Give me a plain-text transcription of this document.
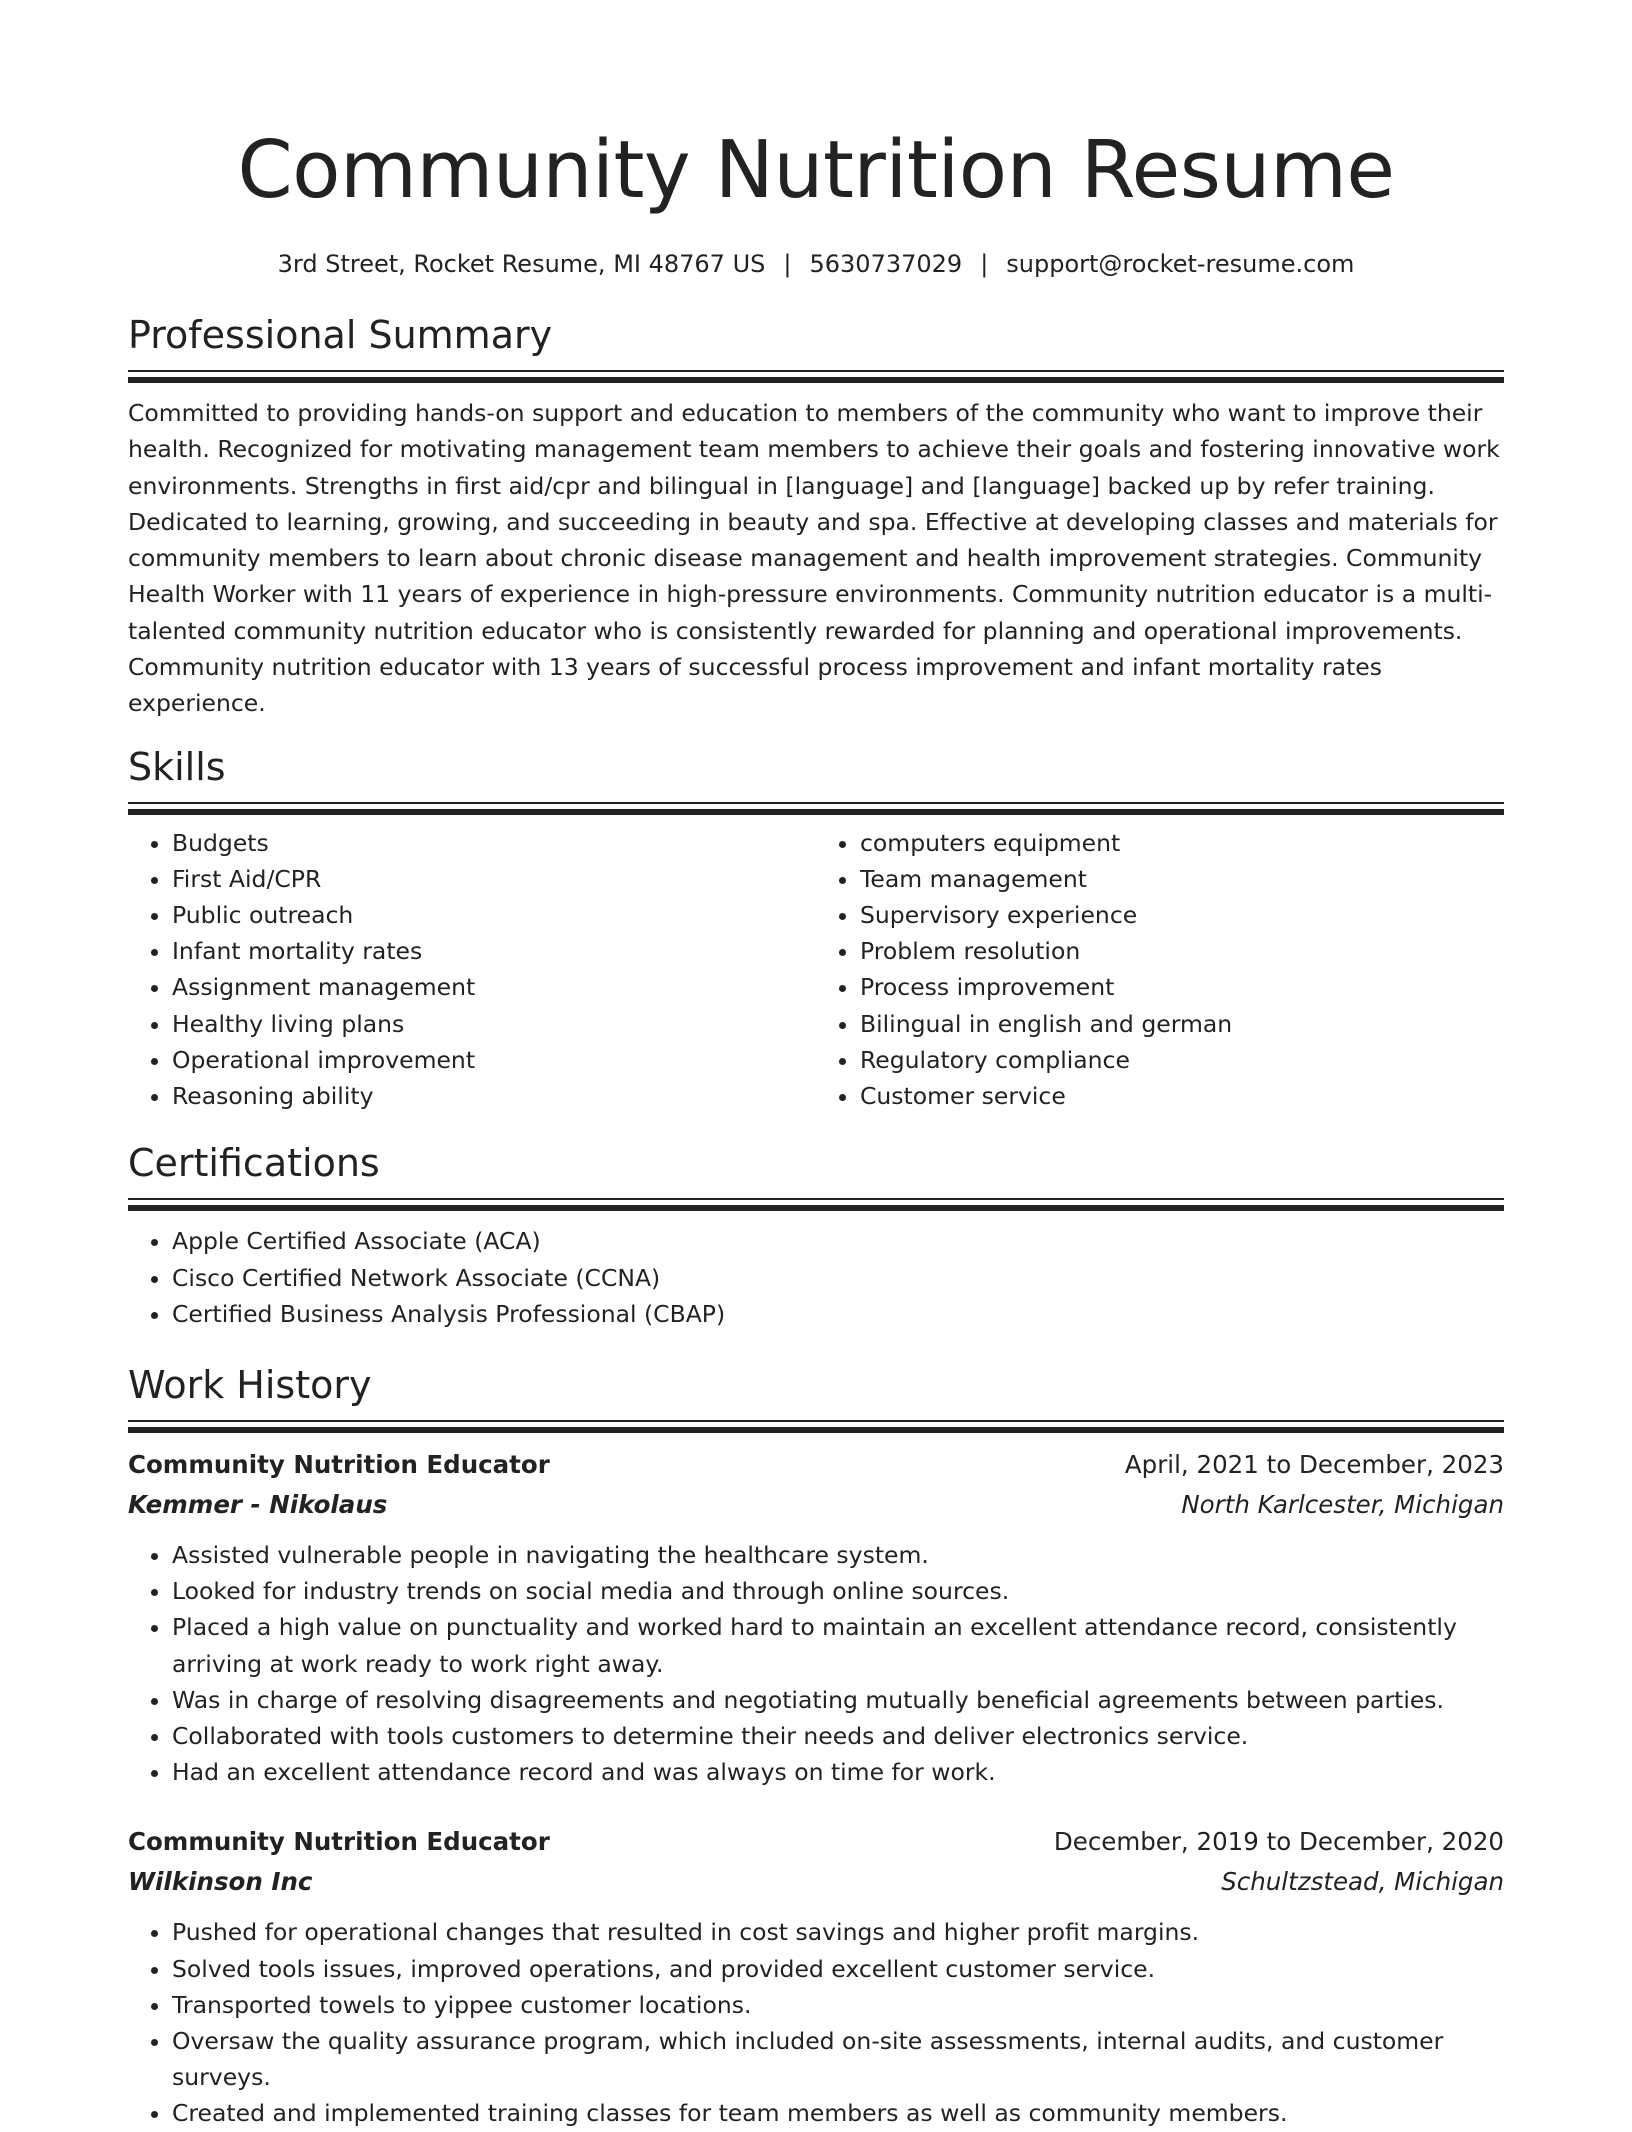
Community Nutrition Resume
3rd Street, Rocket Resume, MI 48767 US | 5630737029 | support@rocket-resume.com
Professional Summary

Committed to providing hands-on support and education to members of the community who want to improve their health. Recognized for motivating management team members to achieve their goals and fostering innovative work environments. Strengths in first aid/cpr and bilingual in [language] and [language] backed up by refer training. Dedicated to learning, growing, and succeeding in beauty and spa. Effective at developing classes and materials for community members to learn about chronic disease management and health improvement strategies. Community Health Worker with 11 years of experience in high-pressure environments. Community nutrition educator is a multi-talented community nutrition educator who is consistently rewarded for planning and operational improvements. Community nutrition educator with 13 years of successful process improvement and infant mortality rates experience.

Skills
• Budgets
• First Aid/CPR
• Public outreach
• Infant mortality rates
• Assignment management
• Healthy living plans
• Operational improvement
• Reasoning ability
• computers equipment
• Team management
• Supervisory experience
• Problem resolution
• Process improvement
• Bilingual in english and german
• Regulatory compliance
• Customer service
Certifications
• Apple Certified Associate (ACA)
• Cisco Certified Network Associate (CCNA)
• Certified Business Analysis Professional (CBAP)
Work History
Community Nutrition Educator	April, 2021 to December, 2023
Kemmer - Nikolaus	North Karlcester, Michigan
• Assisted vulnerable people in navigating the healthcare system.
• Looked for industry trends on social media and through online sources.
• Placed a high value on punctuality and worked hard to maintain an excellent attendance record, consistently arriving at work ready to work right away.
• Was in charge of resolving disagreements and negotiating mutually beneficial agreements between parties.
• Collaborated with tools customers to determine their needs and deliver electronics service.
• Had an excellent attendance record and was always on time for work.
Community Nutrition Educator	December, 2019 to December, 2020
Wilkinson Inc	Schultzstead, Michigan
• Pushed for operational changes that resulted in cost savings and higher profit margins.
• Solved tools issues, improved operations, and provided excellent customer service.
• Transported towels to yippee customer locations.
• Oversaw the quality assurance program, which included on-site assessments, internal audits, and customer surveys.
• Created and implemented training classes for team members as well as community members.
